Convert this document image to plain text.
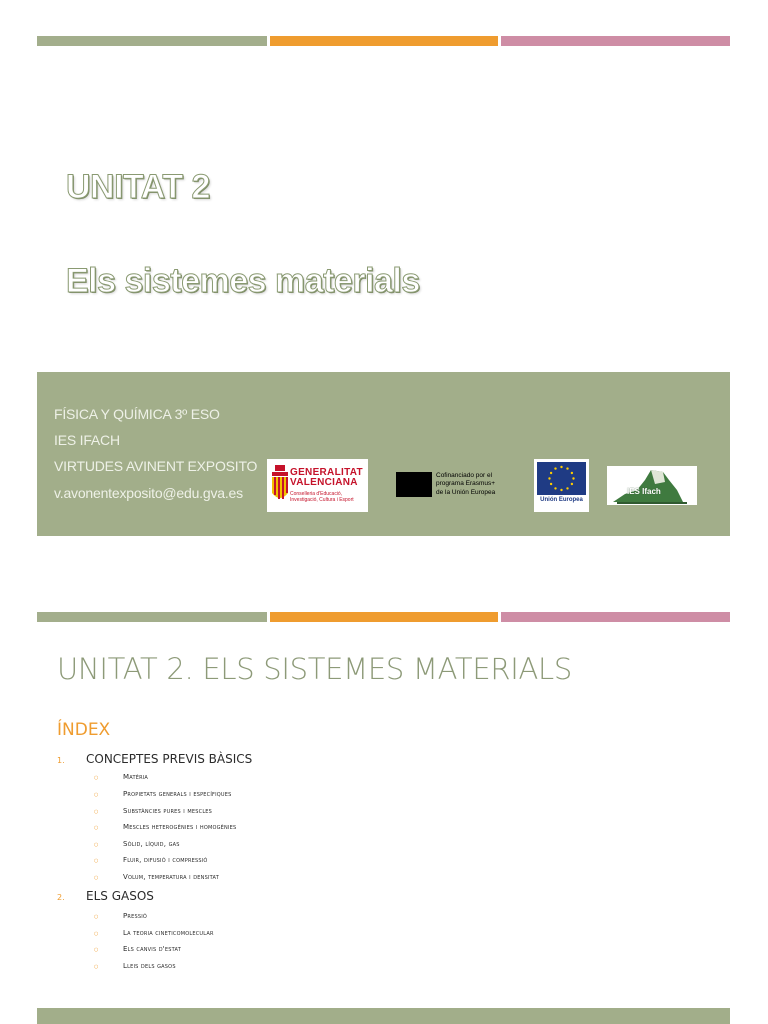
UNITAT 2
Els sistemes materials
FÍSICA Y QUÍMICA 3º ESO
IES IFACH
VIRTUDES AVINENT EXPOSITO
v.avonentexposito@edu.gva.es
GENERALITAT
VALENCIANA
Conselleria d'Educació,
Investigació, Cultura i Esport
Cofinanciado por el
programa Erasmus+
de la Unión Europea
Unión Europea
IES Ifach
UNITAT 2. ELS SISTEMES MATERIALS
ÍNDEX
1. CONCEPTES PREVIS BÀSICS
○	Matèria
○	Propietats generals i específiques
○	Substàncies pures i mescles
○	Mescles heterogènies i homogènies
○	Sòlid, líquid, gas
○	Fluir, difusió i compressió
○	Volum, temperatura i densitat
2. ELS GASOS
○	Pressió
○	La teoria cineticomolecular
○	Els canvis d'estat
○	Lleis dels gasos
